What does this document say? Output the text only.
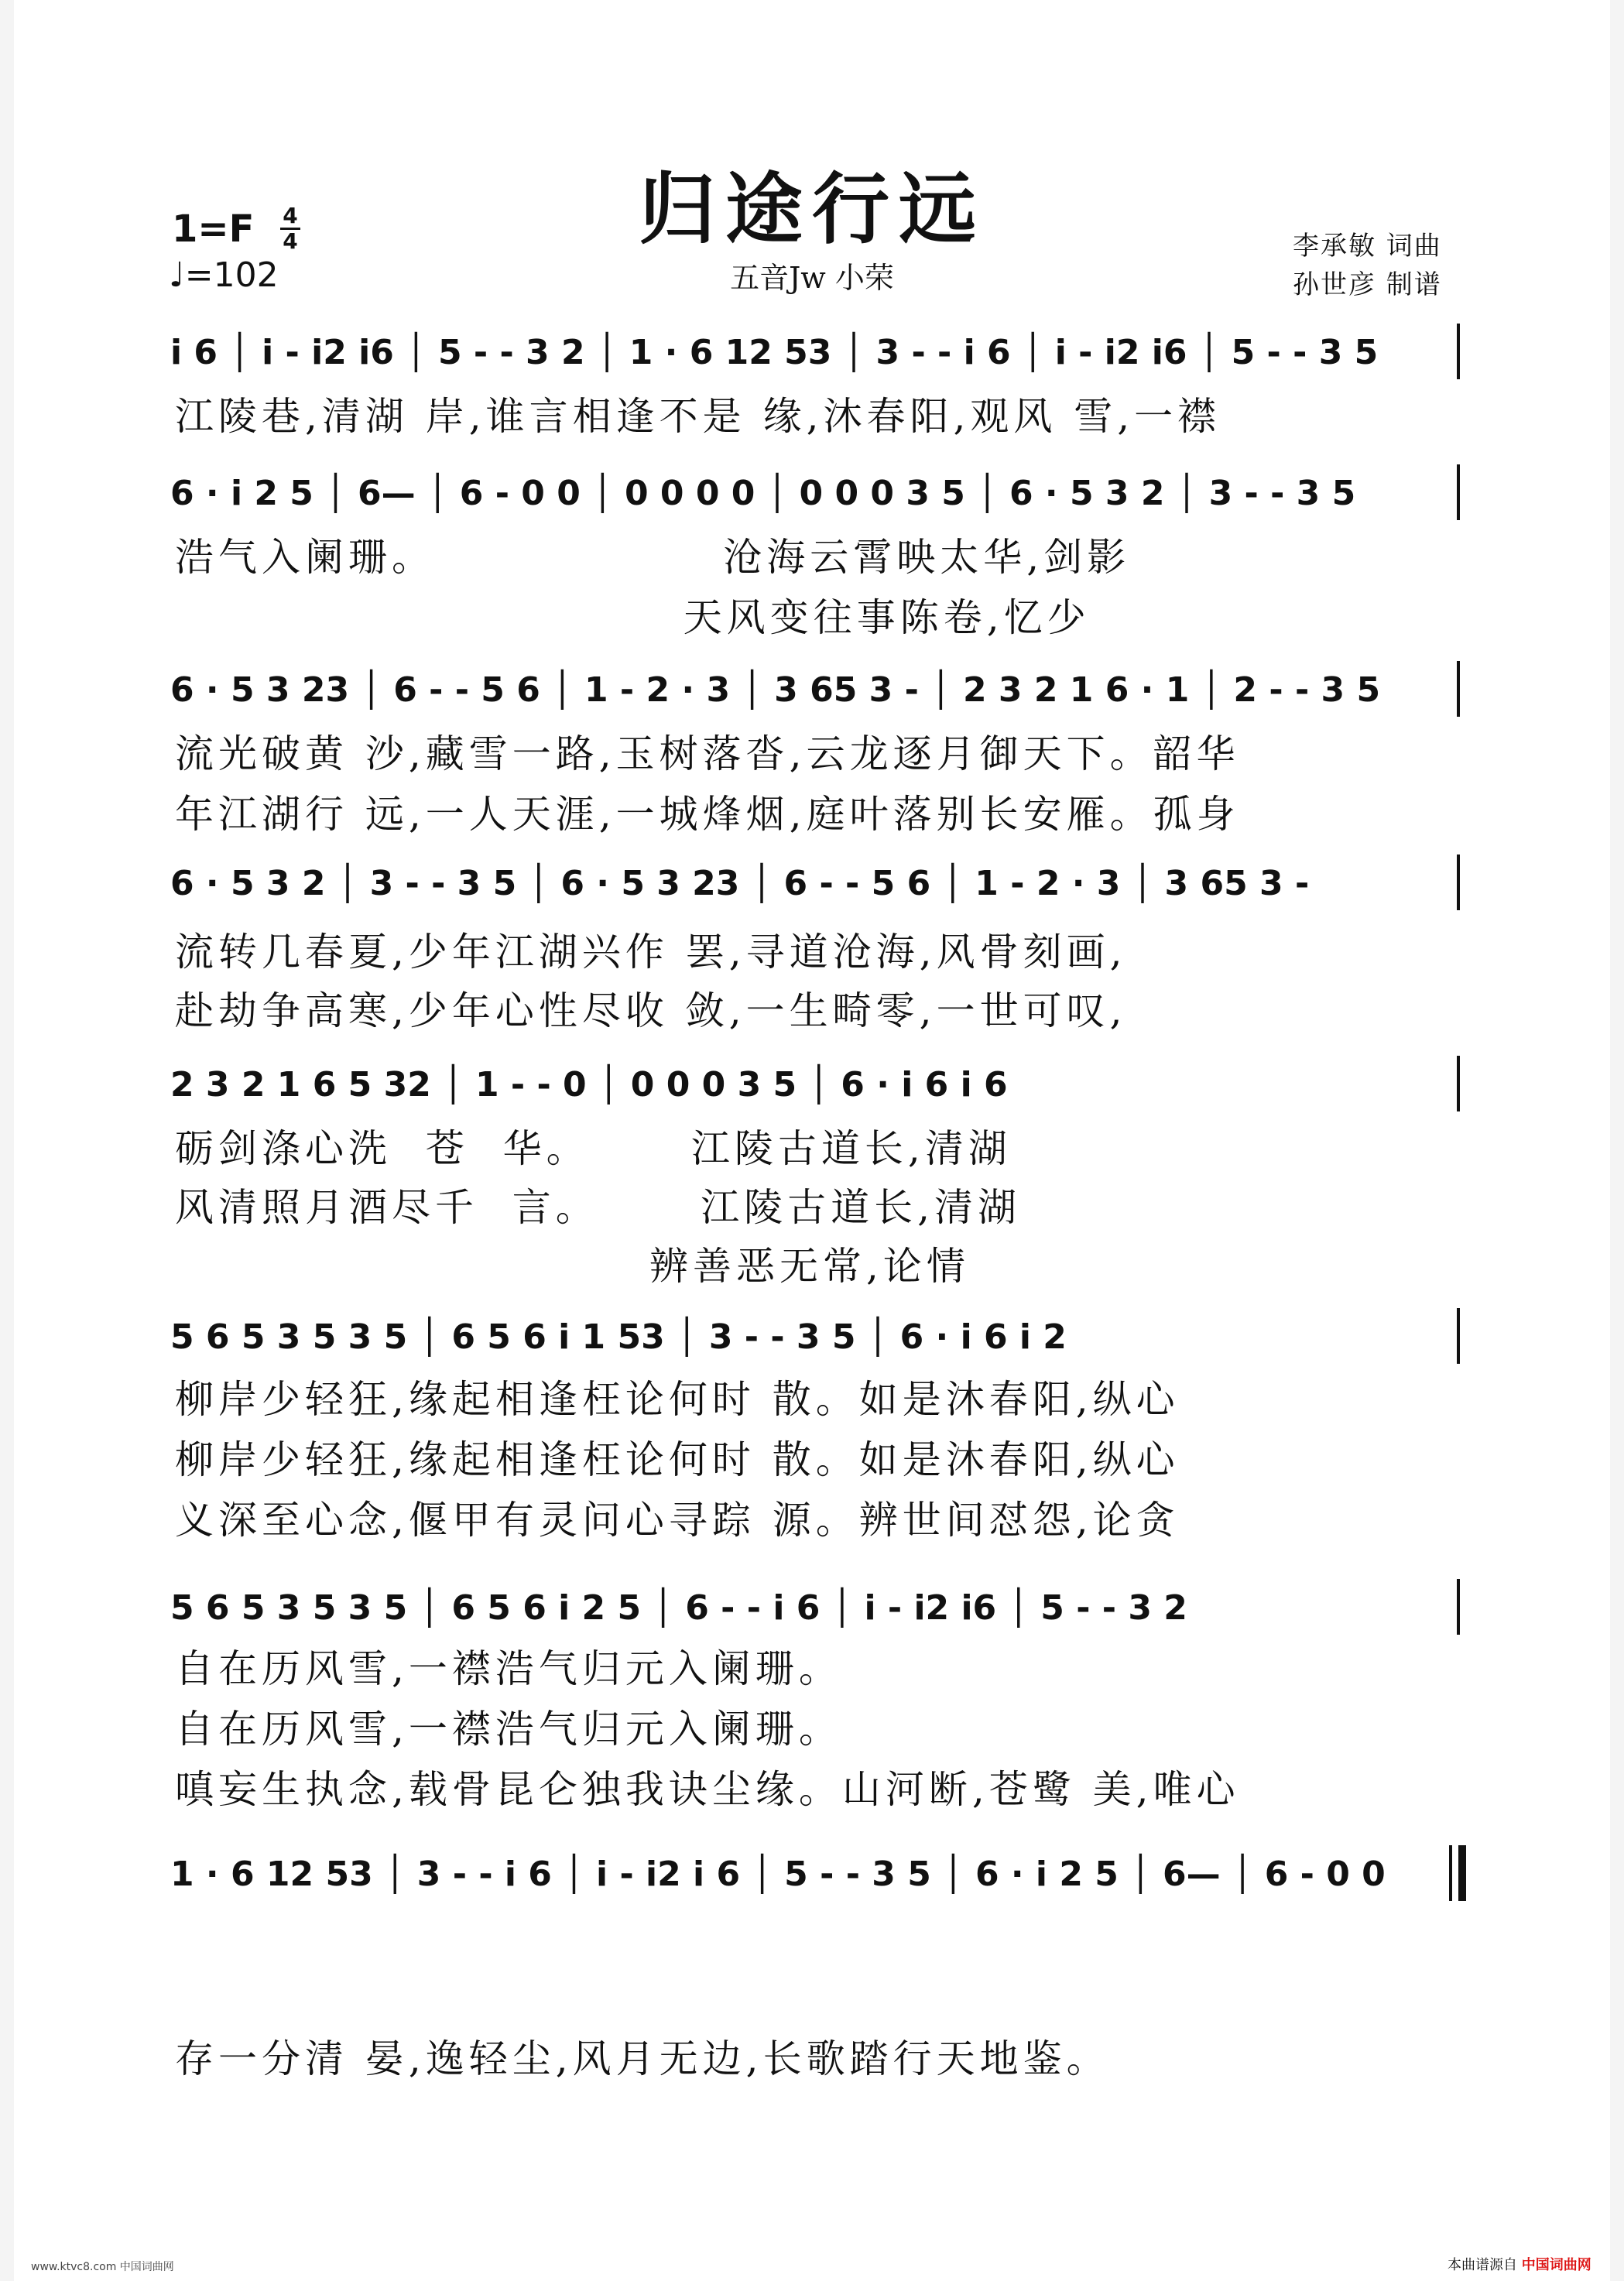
归途行远
1=F 4
4
♩=102	五音Jw 小荣
李承敏 词曲
孙世彦 制谱
i 6 │ i - i2 i6 │ 5 - - 3 2 │ 1 · 6 12 53 │ 3 - - i 6 │ i - i2 i6 │ 5 - - 3 5
江陵巷,清湖 岸,谁言相逢不是 缘,沐春阳,观风 雪,一襟
6 · i 2 5 │ 6— │ 6 - 0 0 │ 0 0 0 0 │ 0 0 0 3 5 │ 6 · 5 3 2 │ 3 - - 3 5
浩气入阑珊。                 沧海云霄映太华,剑影
天风变往事陈卷,忆少
6 · 5 3 23 │ 6 - - 5 6 │ 1 - 2 · 3 │ 3 65 3 - │ 2 3 2 1 6 · 1 │ 2 - - 3 5
流光破黄 沙,藏雪一路,玉树落沓,云龙逐月御天下。韶华
年江湖行 远,一人天涯,一城烽烟,庭叶落别长安雁。孤身
6 · 5 3 2 │ 3 - - 3 5 │ 6 · 5 3 23 │ 6 - - 5 6 │ 1 - 2 · 3 │ 3 65 3 -
流转几春夏,少年江湖兴作 罢,寻道沧海,风骨刻画,
赴劫争高寒,少年心性尽收 敛,一生畸零,一世可叹,
2 3 2 1 6 5 32 │ 1 - - 0 │ 0 0 0 3 5 │ 6 · i 6 i 6
砺剑涤心洗  苍  华。      江陵古道长,清湖
风清照月酒尽千  言。      江陵古道长,清湖
辨善恶无常,论情
5 6 5 3 5 3 5 │ 6 5 6 i 1 53 │ 3 - - 3 5 │ 6 · i 6 i 2
柳岸少轻狂,缘起相逢枉论何时 散。如是沐春阳,纵心
柳岸少轻狂,缘起相逢枉论何时 散。如是沐春阳,纵心
义深至心念,偃甲有灵问心寻踪 源。辨世间怼怨,论贪
5 6 5 3 5 3 5 │ 6 5 6 i 2 5 │ 6 - - i 6 │ i - i2 i6 │ 5 - - 3 2
自在历风雪,一襟浩气归元入阑珊。
自在历风雪,一襟浩气归元入阑珊。
嗔妄生执念,载骨昆仑独我诀尘缘。山河断,苍鹭 美,唯心
1 · 6 12 53 │ 3 - - i 6 │ i - i2 i 6 │ 5 - - 3 5 │ 6 · i 2 5 │ 6— │ 6 - 0 0
存一分清 晏,逸轻尘,风月无边,长歌踏行天地鉴。
www.ktvc8.com 中国词曲网	本曲谱源自 中国词曲网
